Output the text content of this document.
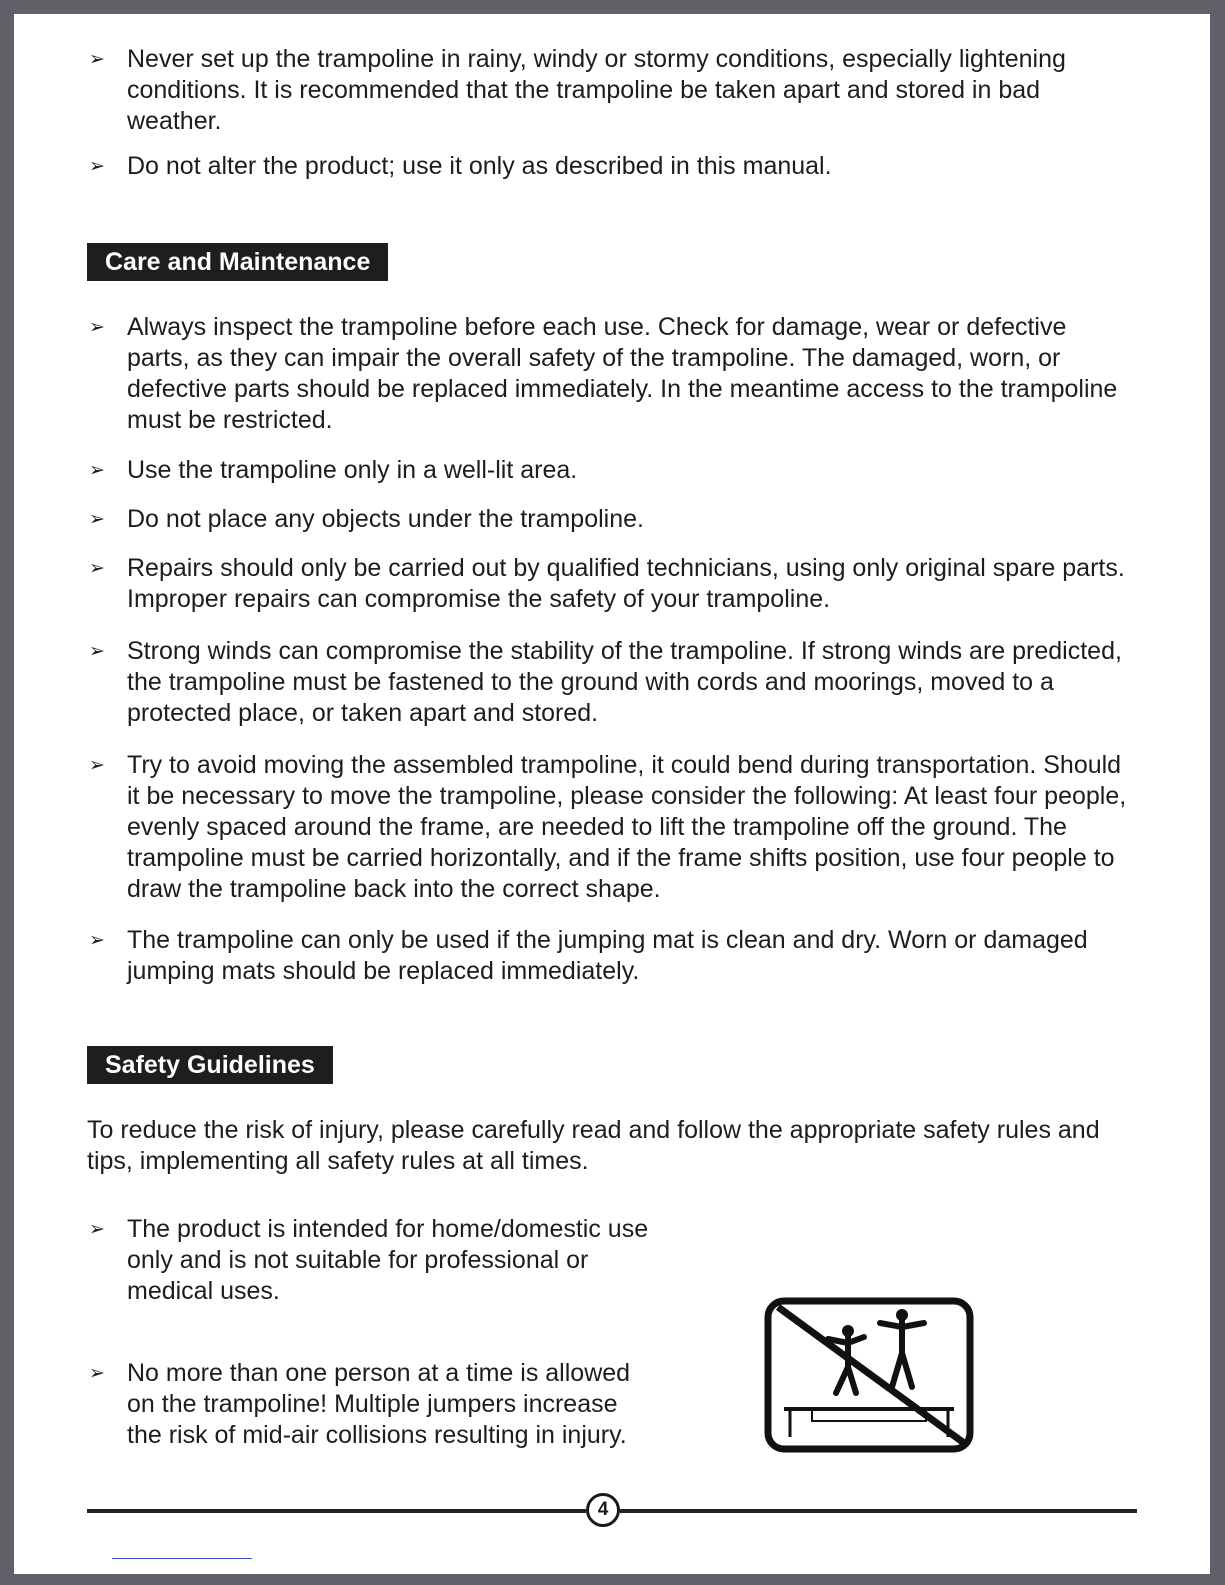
➢ Never set up the trampoline in rainy, windy or stormy conditions, especially lightening conditions. It is recommended that the trampoline be taken apart and stored in bad weather.
➢ Do not alter the product; use it only as described in this manual.
Care and Maintenance
➢ Always inspect the trampoline before each use. Check for damage, wear or defective parts, as they can impair the overall safety of the trampoline. The damaged, worn, or defective parts should be replaced immediately. In the meantime access to the trampoline must be restricted.
➢ Use the trampoline only in a well-lit area.
➢ Do not place any objects under the trampoline.
➢ Repairs should only be carried out by qualified technicians, using only original spare parts. Improper repairs can compromise the safety of your trampoline.
➢ Strong winds can compromise the stability of the trampoline. If strong winds are predicted, the trampoline must be fastened to the ground with cords and moorings, moved to a protected place, or taken apart and stored.
➢ Try to avoid moving the assembled trampoline, it could bend during transportation. Should it be necessary to move the trampoline, please consider the following: At least four people, evenly spaced around the frame, are needed to lift the trampoline off the ground. The trampoline must be carried horizontally, and if the frame shifts position, use four people to draw the trampoline back into the correct shape.
➢ The trampoline can only be used if the jumping mat is clean and dry. Worn or damaged jumping mats should be replaced immediately.
Safety Guidelines
To reduce the risk of injury, please carefully read and follow the appropriate safety rules and tips, implementing all safety rules at all times.
➢ The product is intended for home/domestic use only and is not suitable for professional or medical uses.
➢ No more than one person at a time is allowed on the trampoline! Multiple jumpers increase the risk of mid-air collisions resulting in injury.
4
